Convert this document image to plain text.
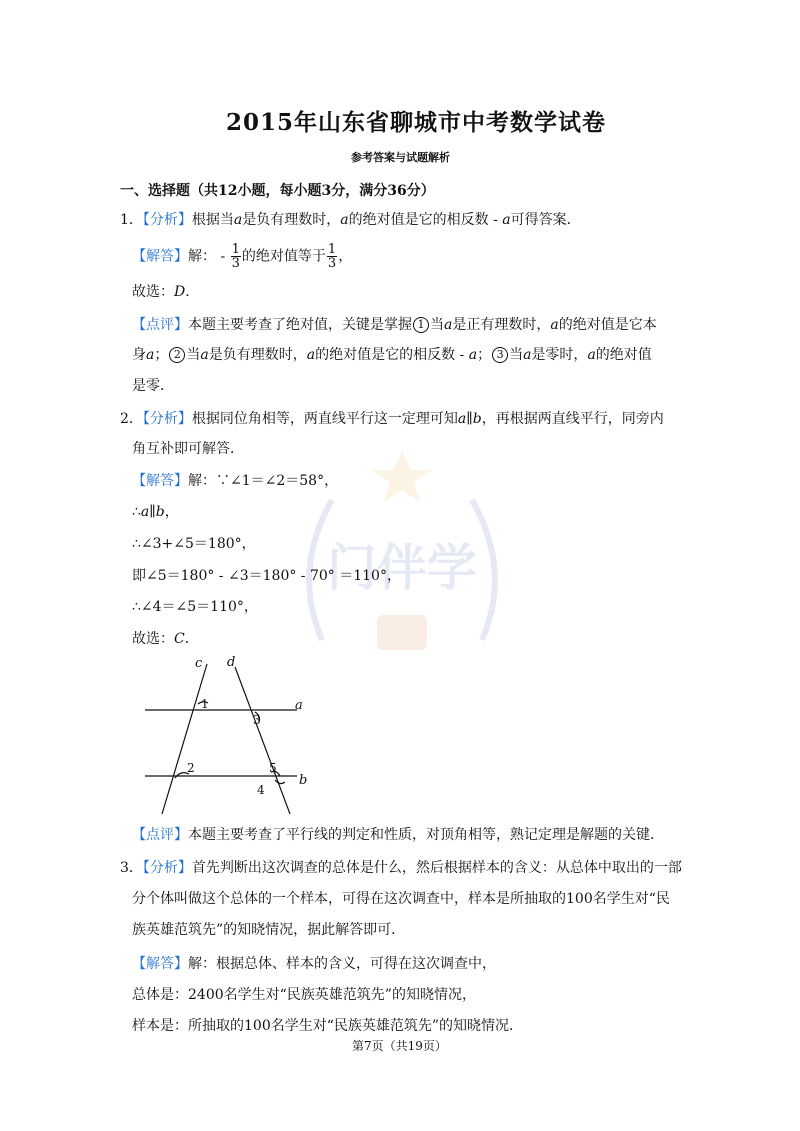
门伴学
2015年山东省聊城市中考数学试卷
参考答案与试题解析
一、选择题（共12小题，每小题3分，满分36分）
1．【分析】根据当a是负有理数时，a的绝对值是它的相反数 - a可得答案．
【解答】解： - $\frac{1}{3}$ 的绝对值等于 $\frac{1}{3}$ ，
故选：D．
【点评】本题主要考查了绝对值，关键是掌握 1 当a是正有理数时，a的绝对值是它本
身a； 2 当a是负有理数时，a的绝对值是它的相反数 - a； 3 当a是零时，a的绝对值
是零．
2．【分析】根据同位角相等，两直线平行这一定理可知a∥b，再根据两直线平行，同旁内
角互补即可解答．
【解答】解：∵∠1＝∠2＝58°，
∴a∥b，
∴∠3+∠5＝180°，
即∠5＝180° - ∠3＝180° - 70° ＝110°，
∴∠4＝∠5＝110°，
故选：C．
c d
a
b
1
2
3
4
5
【点评】本题主要考查了平行线的判定和性质，对顶角相等，熟记定理是解题的关键．
3．【分析】首先判断出这次调查的总体是什么，然后根据样本的含义：从总体中取出的一部
分个体叫做这个总体的一个样本，可得在这次调查中，样本是所抽取的100名学生对“民
族英雄范筑先”的知晓情况，据此解答即可．
【解答】解：根据总体、样本的含义，可得在这次调查中，
总体是：2400名学生对“民族英雄范筑先”的知晓情况，
样本是：所抽取的100名学生对“民族英雄范筑先”的知晓情况．
第7页（共19页）
